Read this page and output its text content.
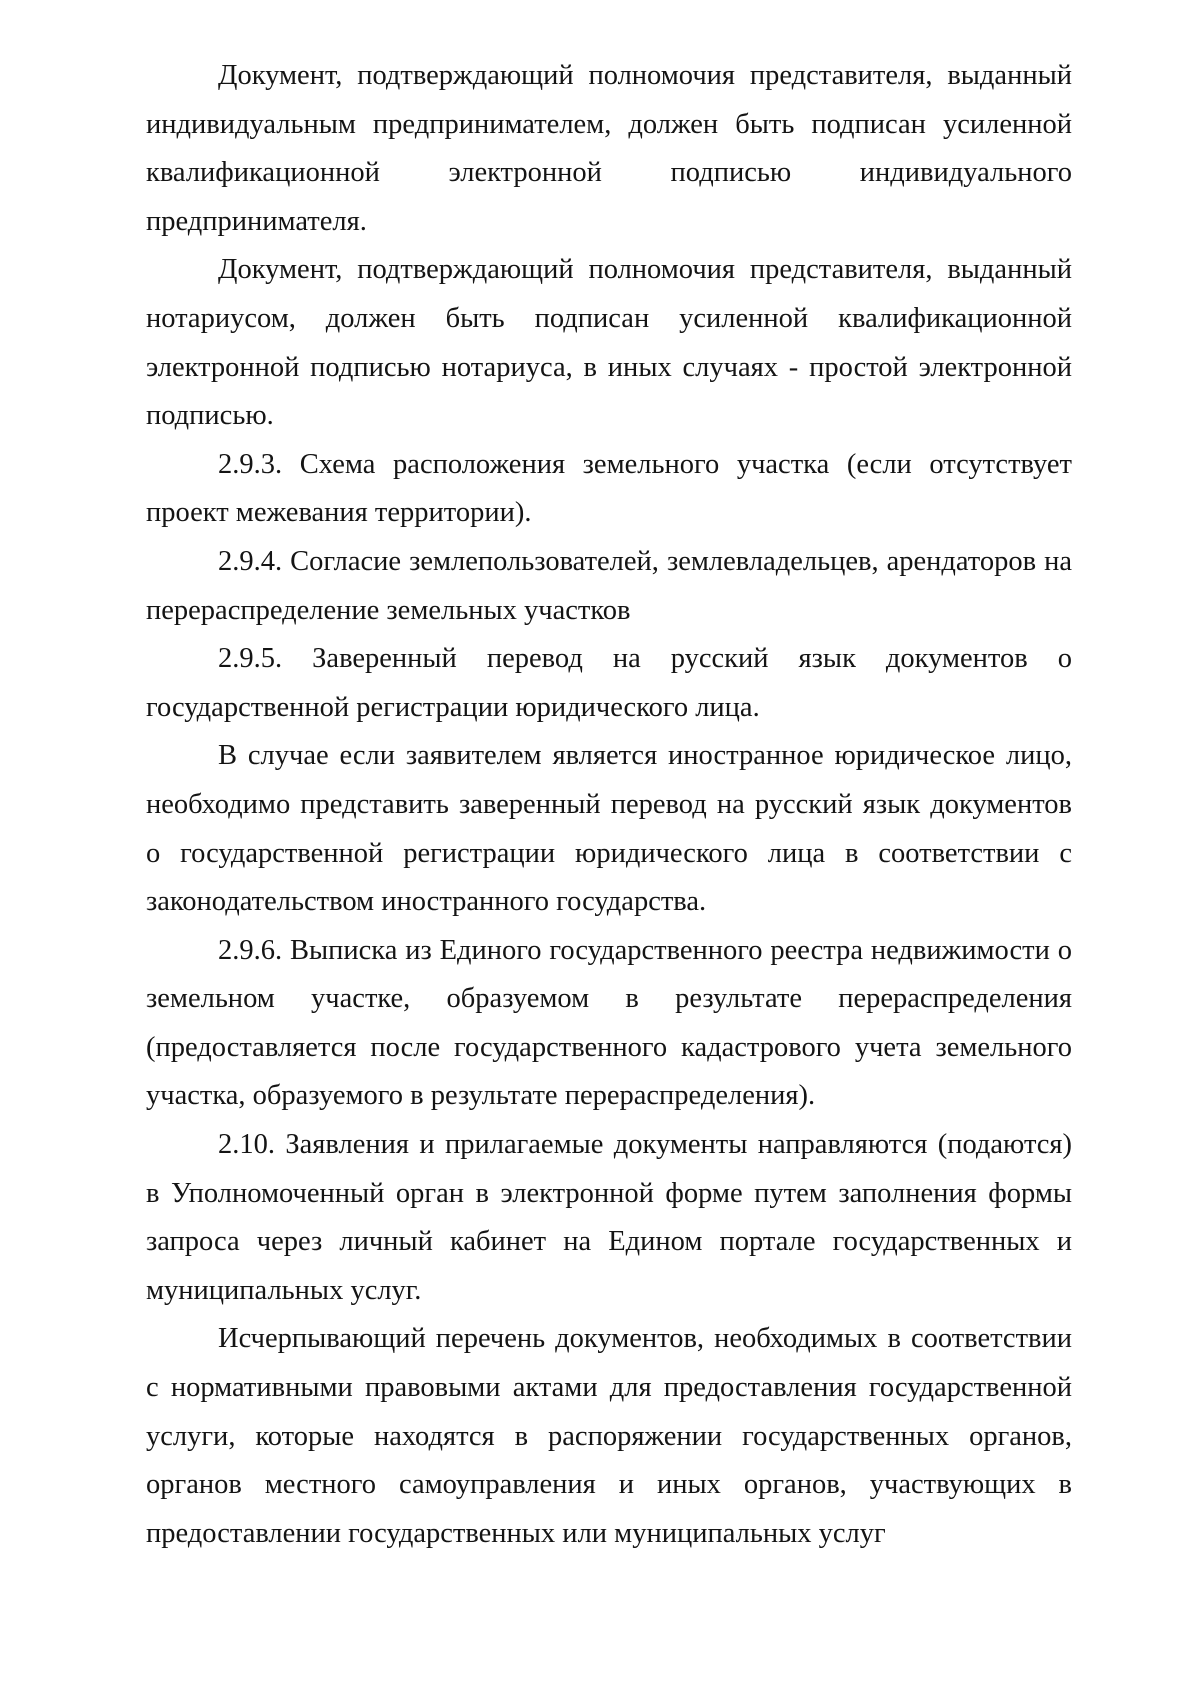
Документ, подтверждающий полномочия представителя, выданный индивидуальным предпринимателем, должен быть подписан усиленной квалификационной электронной подписью индивидуального предпринимателя.

Документ, подтверждающий полномочия представителя, выданный нотариусом, должен быть подписан усиленной квалификационной электронной подписью нотариуса, в иных случаях - простой электронной подписью.

2.9.3. Схема расположения земельного участка (если отсутствует проект межевания территории).

2.9.4. Согласие землепользователей, землевладельцев, арендаторов на перераспределение земельных участков

2.9.5. Заверенный перевод на русский язык документов о государственной регистрации юридического лица.

В случае если заявителем является иностранное юридическое лицо, необходимо представить заверенный перевод на русский язык документов о государственной регистрации юридического лица в соответствии с законодательством иностранного государства.

2.9.6. Выписка из Единого государственного реестра недвижимости о земельном участке, образуемом в результате перераспределения (предоставляется после государственного кадастрового учета земельного участка, образуемого в результате перераспределения).

2.10. Заявления и прилагаемые документы направляются (подаются) в Уполномоченный орган в электронной форме путем заполнения формы запроса через личный кабинет на Едином портале государственных и муниципальных услуг.

Исчерпывающий перечень документов, необходимых в соответствии с нормативными правовыми актами для предоставления государственной услуги, которые находятся в распоряжении государственных органов, органов местного самоуправления и иных органов, участвующих в предоставлении государственных или муниципальных услуг
